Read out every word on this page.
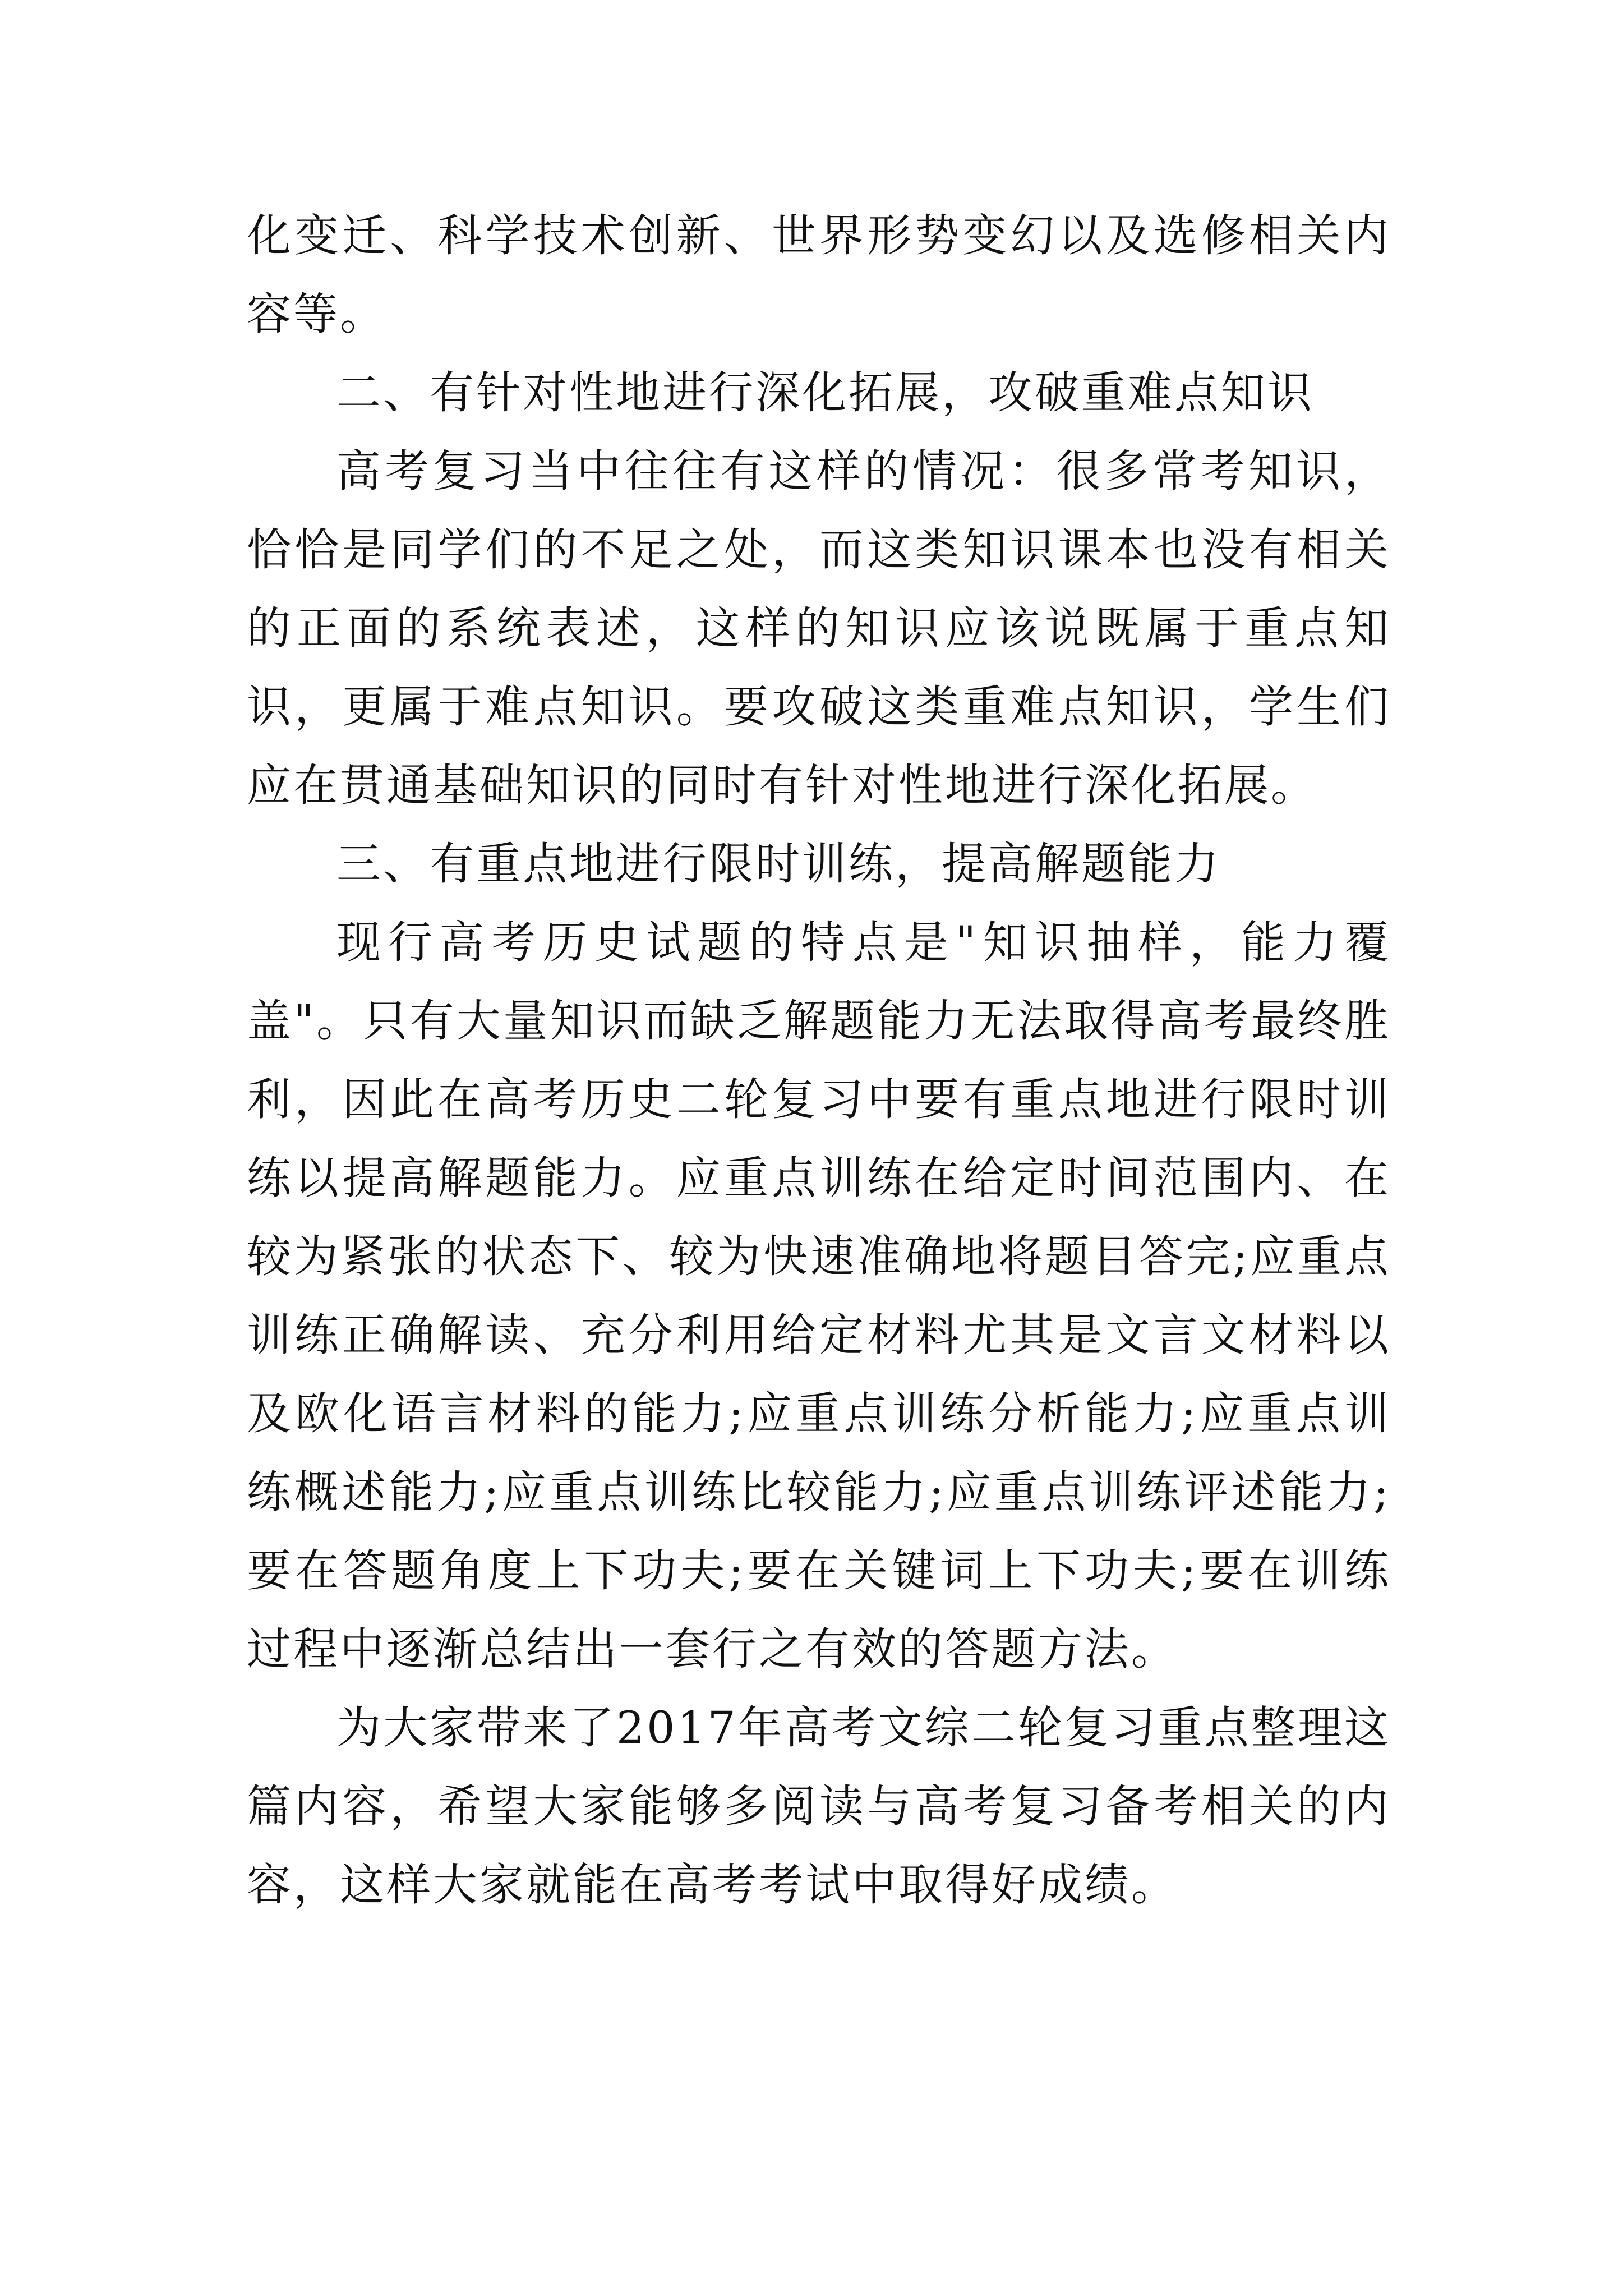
化变迁、科学技术创新、世界形势变幻以及选修相关内容等。

二、有针对性地进行深化拓展，攻破重难点知识

高考复习当中往往有这样的情况：很多常考知识，恰恰是同学们的不足之处，而这类知识课本也没有相关的正面的系统表述，这样的知识应该说既属于重点知识，更属于难点知识。要攻破这类重难点知识，学生们应在贯通基础知识的同时有针对性地进行深化拓展。

三、有重点地进行限时训练，提高解题能力

现行高考历史试题的特点是"知识抽样，能力覆盖"。只有大量知识而缺乏解题能力无法取得高考最终胜利，因此在高考历史二轮复习中要有重点地进行限时训练以提高解题能力。应重点训练在给定时间范围内、在较为紧张的状态下、较为快速准确地将题目答完;应重点训练正确解读、充分利用给定材料尤其是文言文材料以及欧化语言材料的能力;应重点训练分析能力;应重点训练概述能力;应重点训练比较能力;应重点训练评述能力;要在答题角度上下功夫;要在关键词上下功夫;要在训练过程中逐渐总结出一套行之有效的答题方法。

为大家带来了2017年高考文综二轮复习重点整理这篇内容，希望大家能够多阅读与高考复习备考相关的内容，这样大家就能在高考考试中取得好成绩。
